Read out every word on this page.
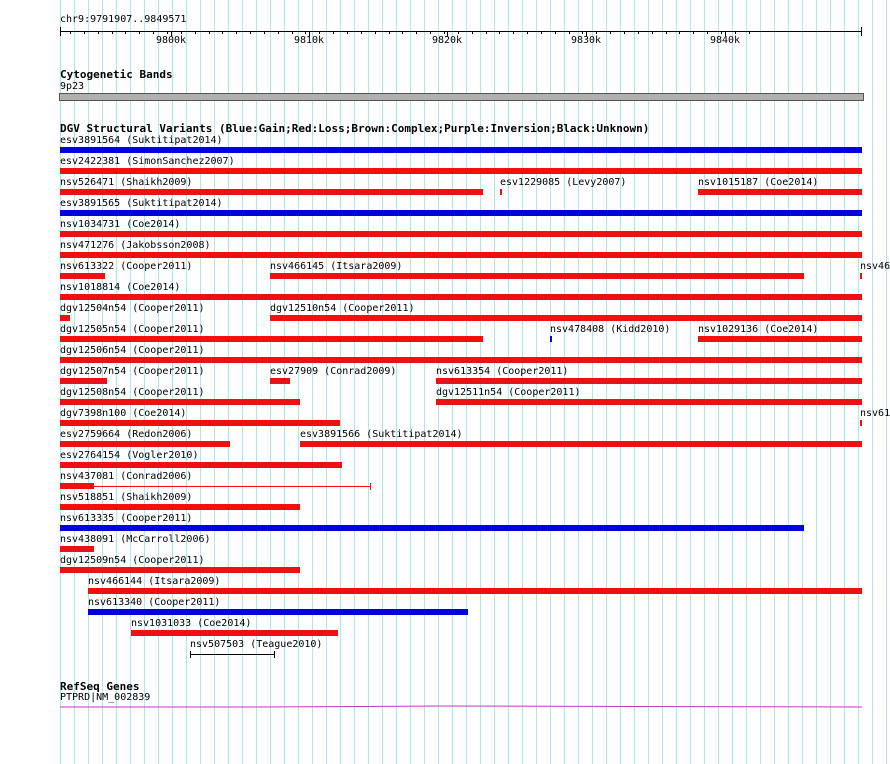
chr9:9791907..9849571
9800k	9810k	9820k	9830k	9840k
Cytogenetic Bands
9p23
DGV Structural Variants (Blue:Gain;Red:Loss;Brown:Complex;Purple:Inversion;Black:Unknown)
esv3891564 (Suktitipat2014)
esv2422381 (SimonSanchez2007)
nsv526471 (Shaikh2009)	esv1229085 (Levy2007)	nsv1015187 (Coe2014)
esv3891565 (Suktitipat2014)
nsv1034731 (Coe2014)
nsv471276 (Jakobsson2008)
nsv613322 (Cooper2011)	nsv466145 (Itsara2009)	nsv46
nsv1018814 (Coe2014)
dgv12504n54 (Cooper2011)	dgv12510n54 (Cooper2011)
dgv12505n54 (Cooper2011)	nsv478408 (Kidd2010)	nsv1029136 (Coe2014)
dgv12506n54 (Cooper2011)
dgv12507n54 (Cooper2011)	esv27909 (Conrad2009)	nsv613354 (Cooper2011)
dgv12508n54 (Cooper2011)	dgv12511n54 (Cooper2011)
dgv7398n100 (Coe2014)	nsv61
esv2759664 (Redon2006)	esv3891566 (Suktitipat2014)
esv2764154 (Vogler2010)
nsv437081 (Conrad2006)
nsv518851 (Shaikh2009)
nsv613335 (Cooper2011)
nsv438091 (McCarroll2006)
dgv12509n54 (Cooper2011)
nsv466144 (Itsara2009)
nsv613340 (Cooper2011)
nsv1031033 (Coe2014)
nsv507503 (Teague2010)
RefSeq Genes
PTPRD|NM_002839
